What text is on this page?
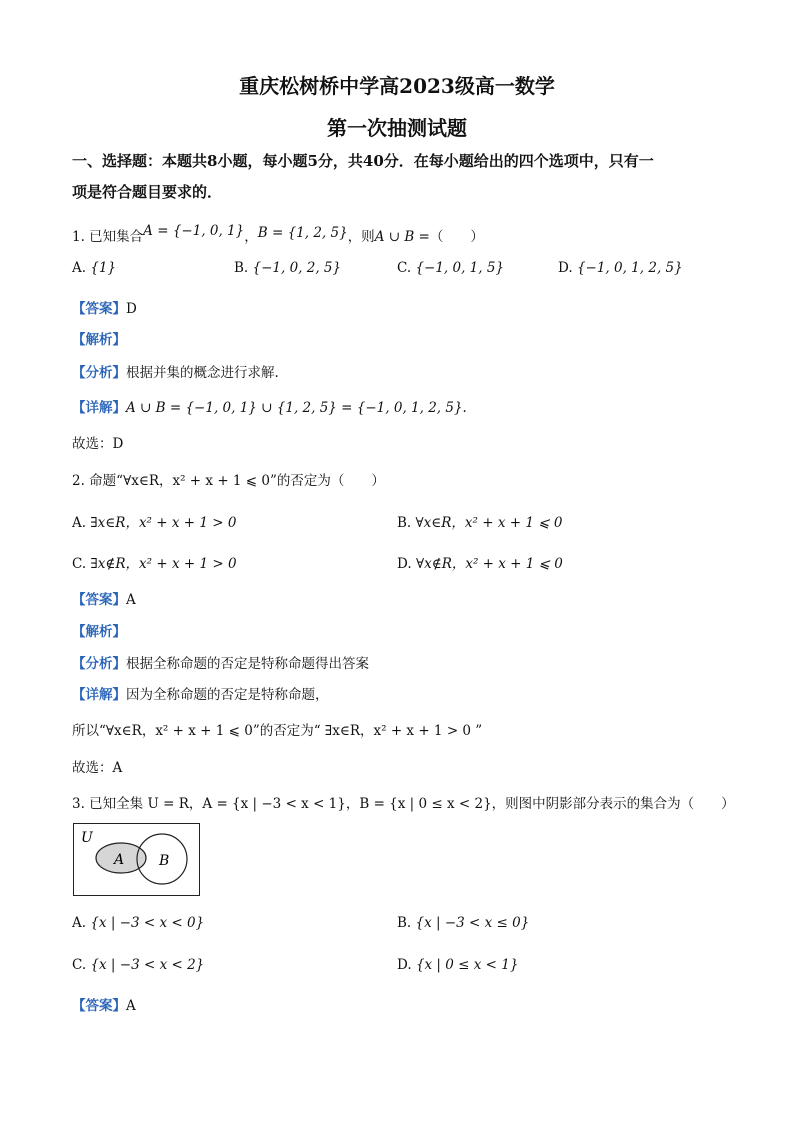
重庆松树桥中学高2023级高一数学
第一次抽测试题
一、选择题：本题共8小题，每小题5分，共40分．在每小题给出的四个选项中，只有一
项是符合题目要求的．
1. 已知集合A = {−1, 0, 1}，B = {1, 2, 5}，则A ∪ B =（　　）
A. {1}	B. {−1, 0, 2, 5}	C. {−1, 0, 1, 5}	D. {−1, 0, 1, 2, 5}
【答案】D
【解析】
【分析】根据并集的概念进行求解.
【详解】A ∪ B = {−1, 0, 1} ∪ {1, 2, 5} = {−1, 0, 1, 2, 5}.
故选：D
2. 命题“∀x∈R，x² + x + 1 ⩽ 0”的否定为（　　）
A. ∃x∈R，x² + x + 1 > 0	B. ∀x∈R，x² + x + 1 ⩽ 0
C. ∃x∉R，x² + x + 1 > 0	D. ∀x∉R，x² + x + 1 ⩽ 0
【答案】A
【解析】
【分析】根据全称命题的否定是特称命题得出答案
【详解】因为全称命题的否定是特称命题，
所以“∀x∈R，x² + x + 1 ⩽ 0”的否定为“ ∃x∈R，x² + x + 1 > 0 ”
故选：A
3. 已知全集 U = R，A = {x | −3 < x < 1}，B = {x | 0 ≤ x < 2}，则图中阴影部分表示的集合为（　　）
U
A B
A. {x | −3 < x < 0}	B. {x | −3 < x ≤ 0}
C. {x | −3 < x < 2}	D. {x | 0 ≤ x < 1}
【答案】A
